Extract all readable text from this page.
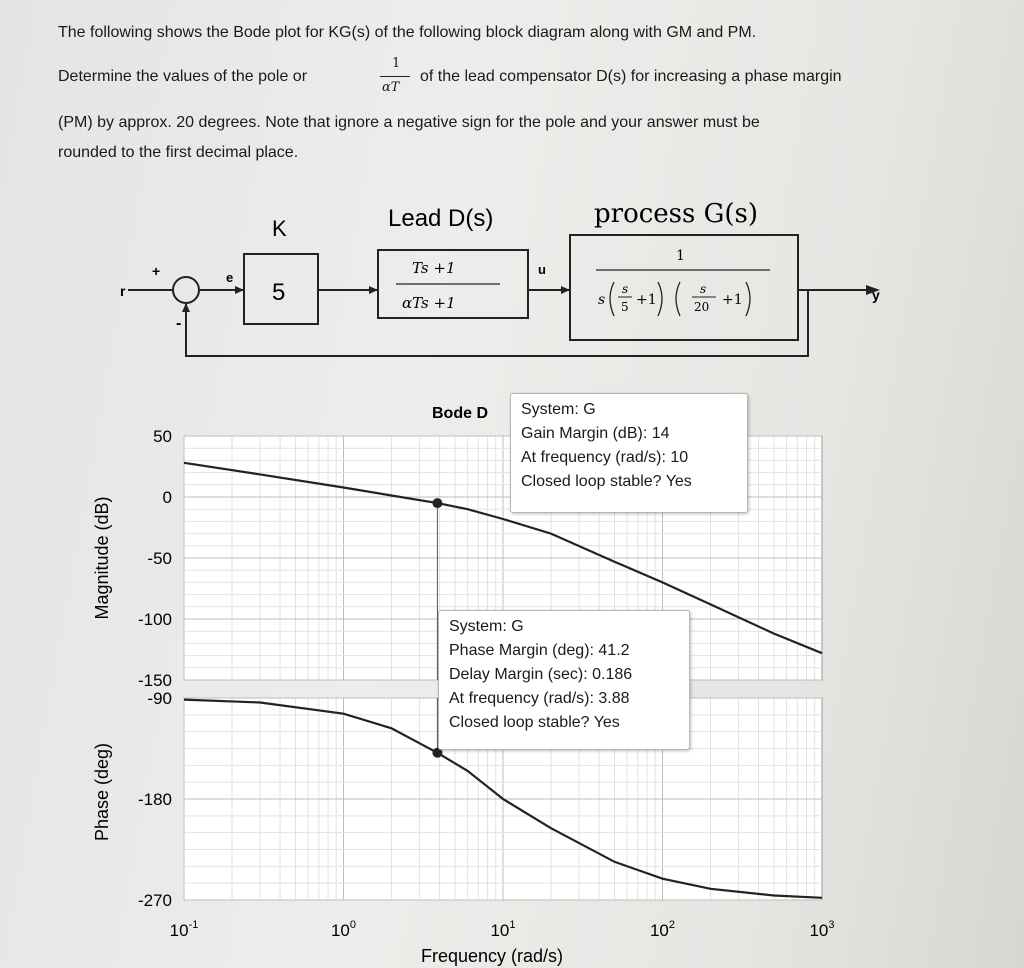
The following shows the Bode plot for KG(s) of the following block diagram along with GM and PM.
Determine the values of the pole or
1
αT
of the lead compensator D(s) for increasing a phase margin
(PM) by approx. 20 degrees. Note that ignore a negative sign for the pole and your answer must be
rounded to the first decimal place.
r
+
-
e
u
y
K
5
Lead D(s)
Ts +1
αTs +1
process G(s)
1
s
s
5 +1
s
20 +1
50
0
-50
-100
-150
-90
-180
-270
$10^{-1}$	$10^0$	$10^1$	$10^2$	$10^3$
Bode D
Magnitude (dB)
Phase (deg)
Frequency (rad/s)
System: G
Gain Margin (dB): 14
At frequency (rad/s): 10
Closed loop stable? Yes
System: G
Phase Margin (deg): 41.2
Delay Margin (sec): 0.186
At frequency (rad/s): 3.88
Closed loop stable? Yes
